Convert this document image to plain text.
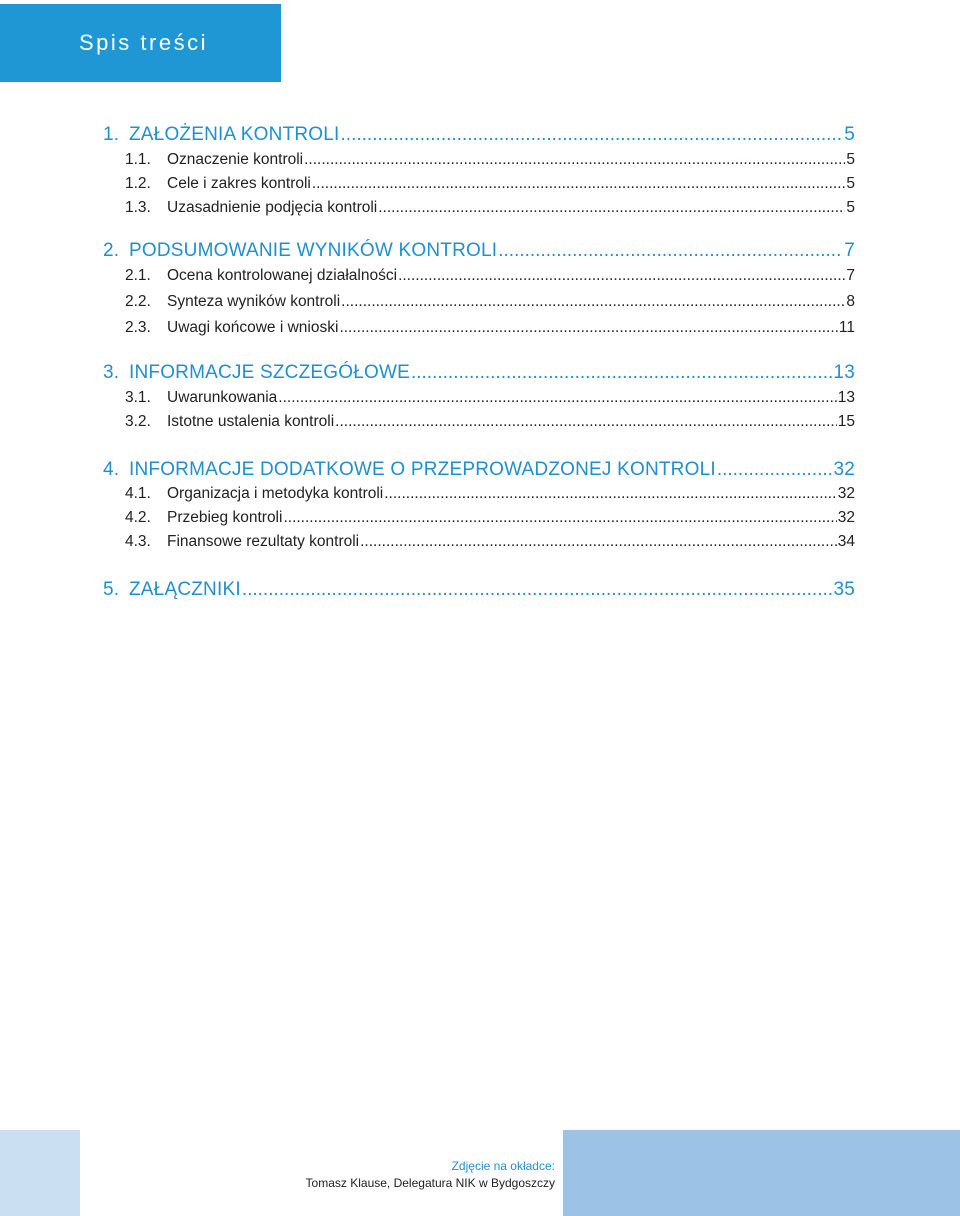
Spis treści
1. ZAŁOŻENIA KONTROLI .....	5
1.1.	Oznaczenie kontroli .....	5
1.2.	Cele i zakres kontroli .....	5
1.3.	Uzasadnienie podjęcia kontroli .....	5
2. PODSUMOWANIE WYNIKÓW KONTROLI .....	7
2.1.	Ocena kontrolowanej działalności .....	7
2.2.	Synteza wyników kontroli .....	8
2.3.	Uwagi końcowe i wnioski .....	11
3. INFORMACJE SZCZEGÓŁOWE .....	13
3.1.	Uwarunkowania .....	13
3.2.	Istotne ustalenia kontroli .....	15
4. INFORMACJE DODATKOWE O PRZEPROWADZONEJ KONTROLI .....	32
4.1.	Organizacja i metodyka kontroli .....	32
4.2.	Przebieg kontroli .....	32
4.3.	Finansowe rezultaty kontroli .....	34
5. ZAŁĄCZNIKI .....	35
Zdjęcie na okładce:
Tomasz Klause, Delegatura NIK w Bydgoszczy
